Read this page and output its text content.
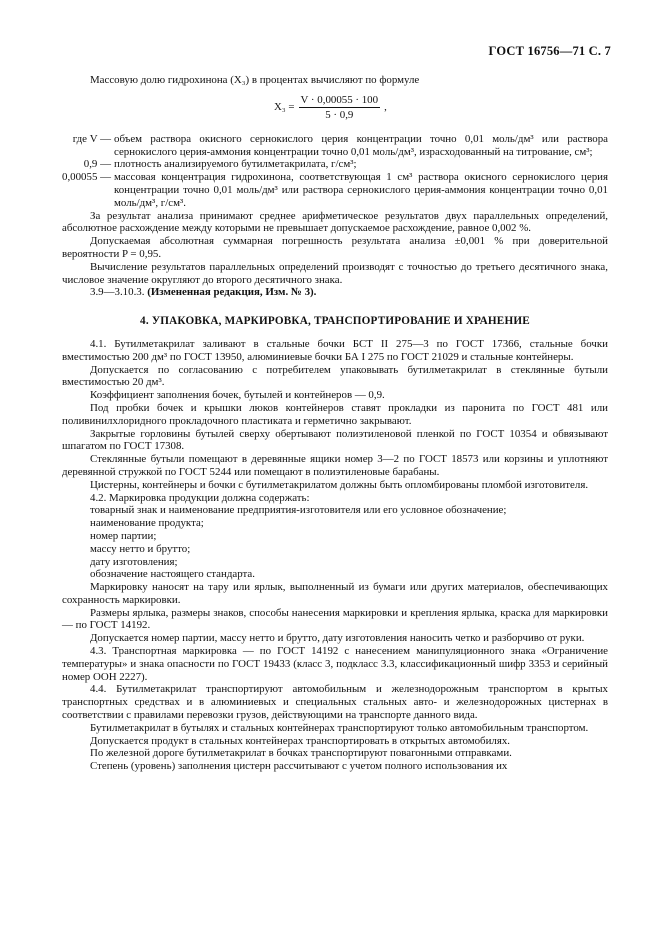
ГОСТ 16756—71 С. 7

Массовую долю гидрохинона (X₃) в процентах вычисляют по формуле

$X_3 = \frac{V \cdot 0,00055 \cdot 100}{5 \cdot 0,9}$ ,
где V — объем раствора окисного сернокислого церия концентрации точно 0,01 моль/дм³ или раствора сернокислого церия-аммония концентрации точно 0,01 моль/дм³, израсходованный на титрование, см³;
0,9 — плотность анализируемого бутилметакрилата, г/см³;
0,00055 — массовая концентрация гидрохинона, соответствующая 1 см³ раствора окисного сернокислого церия концентрации точно 0,01 моль/дм³ или раствора сернокислого церия-аммония концентрации точно 0,01 моль/дм³, г/см³.

За результат анализа принимают среднее арифметическое результатов двух параллельных определений, абсолютное расхождение между которыми не превышает допускаемое расхождение, равное 0,002 %.

Допускаемая абсолютная суммарная погрешность результата анализа ±0,001 % при доверительной вероятности P = 0,95.

Вычисление результатов параллельных определений производят с точностью до третьего десятичного знака, числовое значение округляют до второго десятичного знака.

3.9—3.10.3. (Измененная редакция, Изм. № 3).

4. УПАКОВКА, МАРКИРОВКА, ТРАНСПОРТИРОВАНИЕ И ХРАНЕНИЕ

4.1. Бутилметакрилат заливают в стальные бочки БСТ II 275—3 по ГОСТ 17366, стальные бочки вместимостью 200 дм³ по ГОСТ 13950, алюминиевые бочки БА I 275 по ГОСТ 21029 и стальные контейнеры.

Допускается по согласованию с потребителем упаковывать бутилметакрилат в стеклянные бутыли вместимостью 20 дм³.

Коэффициент заполнения бочек, бутылей и контейнеров — 0,9.

Под пробки бочек и крышки люков контейнеров ставят прокладки из паронита по ГОСТ 481 или поливинилхлоридного прокладочного пластиката и герметично закрывают.

Закрытые горловины бутылей сверху обертывают полиэтиленовой пленкой по ГОСТ 10354 и обвязывают шпагатом по ГОСТ 17308.

Стеклянные бутыли помещают в деревянные ящики номер 3—2 по ГОСТ 18573 или корзины и уплотняют деревянной стружкой по ГОСТ 5244 или помещают в полиэтиленовые барабаны.

Цистерны, контейнеры и бочки с бутилметакрилатом должны быть опломбированы пломбой изготовителя.

4.2. Маркировка продукции должна содержать:

товарный знак и наименование предприятия-изготовителя или его условное обозначение;

наименование продукта;

номер партии;

массу нетто и брутто;

дату изготовления;

обозначение настоящего стандарта.

Маркировку наносят на тару или ярлык, выполненный из бумаги или других материалов, обеспечивающих сохранность маркировки.

Размеры ярлыка, размеры знаков, способы нанесения маркировки и крепления ярлыка, краска для маркировки — по ГОСТ 14192.

Допускается номер партии, массу нетто и брутто, дату изготовления наносить четко и разборчиво от руки.

4.3. Транспортная маркировка — по ГОСТ 14192 с нанесением манипуляционного знака «Ограничение температуры» и знака опасности по ГОСТ 19433 (класс 3, подкласс 3.3, классификационный шифр 3353 и серийный номер ООН 2227).

4.4. Бутилметакрилат транспортируют автомобильным и железнодорожным транспортом в крытых транспортных средствах и в алюминиевых и специальных стальных авто- и железнодорожных цистернах в соответствии с правилами перевозки грузов, действующими на транспорте данного вида.

Бутилметакрилат в бутылях и стальных контейнерах транспортируют только автомобильным транспортом.

Допускается продукт в стальных контейнерах транспортировать в открытых автомобилях.

По железной дороге бутилметакрилат в бочках транспортируют повагонными отправками.

Степень (уровень) заполнения цистерн рассчитывают с учетом полного использования их
